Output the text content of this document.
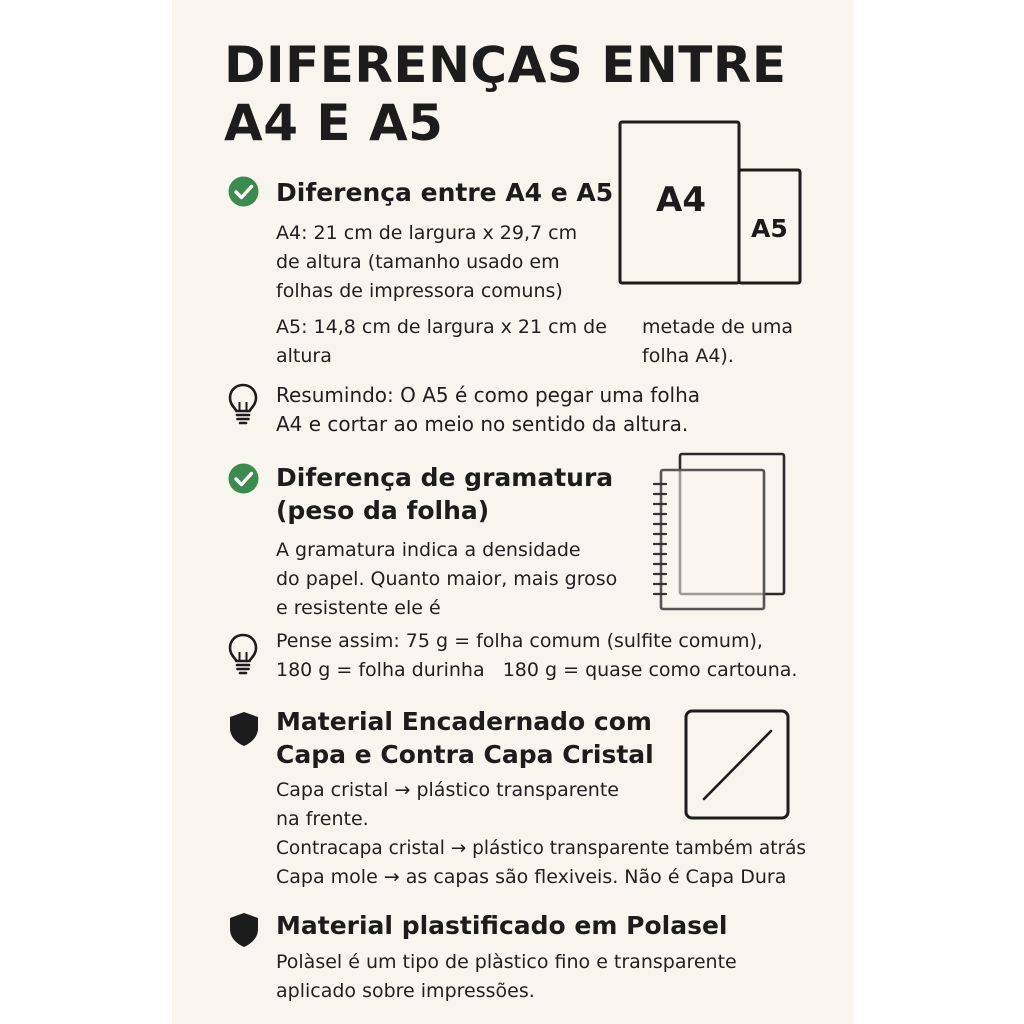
DIFERENÇAS ENTRE
A4 E A5
A4
A5
Diferença entre A4 e A5
A4: 21 cm de largura x 29,7 cm
de altura (tamanho usado em
folhas de impressora comuns)
A5: 14,8 cm de largura x 21 cm de
altura
metade de uma
folha A4).
Resumindo: O A5 é como pegar uma folha
A4 e cortar ao meio no sentido da altura.
Diferença de gramatura
(peso da folha)
A gramatura indica a densidade
do papel. Quanto maior, mais groso
e resistente ele é
Pense assim: 75 g = folha comum (sulfite comum),
180 g = folha durinha   180 g = quase como cartouna.
Material Encadernado com
Capa e Contra Capa Cristal
Capa cristal → plástico transparente
na frente.
Contracapa cristal → plástico transparente também atrás
Capa mole → as capas são flexiveis. Não é Capa Dura
Material plastificado em Polasel
Polàsel é um tipo de plàstico fino e transparente
aplicado sobre impressões.
